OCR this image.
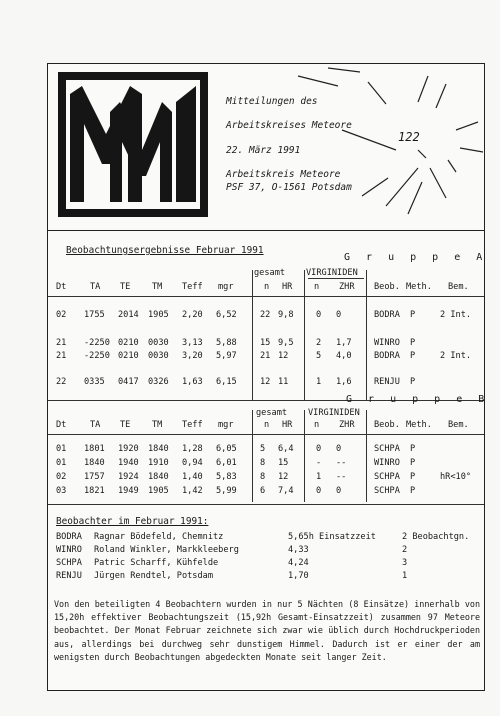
Mitteilungen des
Arbeitskreises Meteore
22. März 1991
Arbeitskreis Meteore
PSF 37, O-1561 Potsdam
122
Beobachtungsergebnisse Februar 1991
G r u p p e A
gesamt VIRGINIDEN
Dt	TA TE	TM Teff mgr	n HR	n ZHR Beob. Meth. Bem.
G r u p p e B
gesamt VIRGINIDEN
Dt	TA TE	TM Teff mgr	n HR	n ZHR Beob. Meth. Bem.
Beobachter im Februar 1991:
Von den beteiligten 4 Beobachtern wurden in nur 5 Nächten (8 Einsätze) innerhalb von 15,20h effektiver Beobachtungszeit (15,92h Gesamt-Einsatzzeit) zusammen 97 Meteore beobachtet. Der Monat Februar zeichnete sich zwar wie üblich durch Hochdruckperioden aus, allerdings bei durchweg sehr dunstigem Himmel. Dadurch ist er einer der am wenigsten durch Beobachtungen abgedeckten Monate seit langer Zeit.
02 1755 2014 1905 2,20 6,52	22 9,8	0 0	BODRA P	2 Int.
21 -2250 0210 0030 3,13 5,88	15 9,5	2 1,7	WINRO P
21 -2250 0210 0030 3,20 5,97	21 12	5 4,0	BODRA P	2 Int.
22 0335 0417 0326 1,63 6,15	12 11	1 1,6	RENJU P
01 1801 1920 1840 1,28 6,05	5 6,4	0 0	SCHPA P
01 1840 1940 1910 0,94 6,01	8 15	- --	WINRO P
02 1757 1924 1840 1,40 5,83	8 12	1 --	SCHPA P	hR<10°
03 1821 1949 1905 1,42 5,99	6 7,4	0 0	SCHPA P
BODRA Ragnar Bödefeld, Chemnitz	5,65h Einsatzzeit	2 Beobachtgn.
WINRO Roland Winkler, Markkleeberg	4,33	2
SCHPA Patric Scharff, Kühfelde	4,24	3
RENJU Jürgen Rendtel, Potsdam	1,70	1
